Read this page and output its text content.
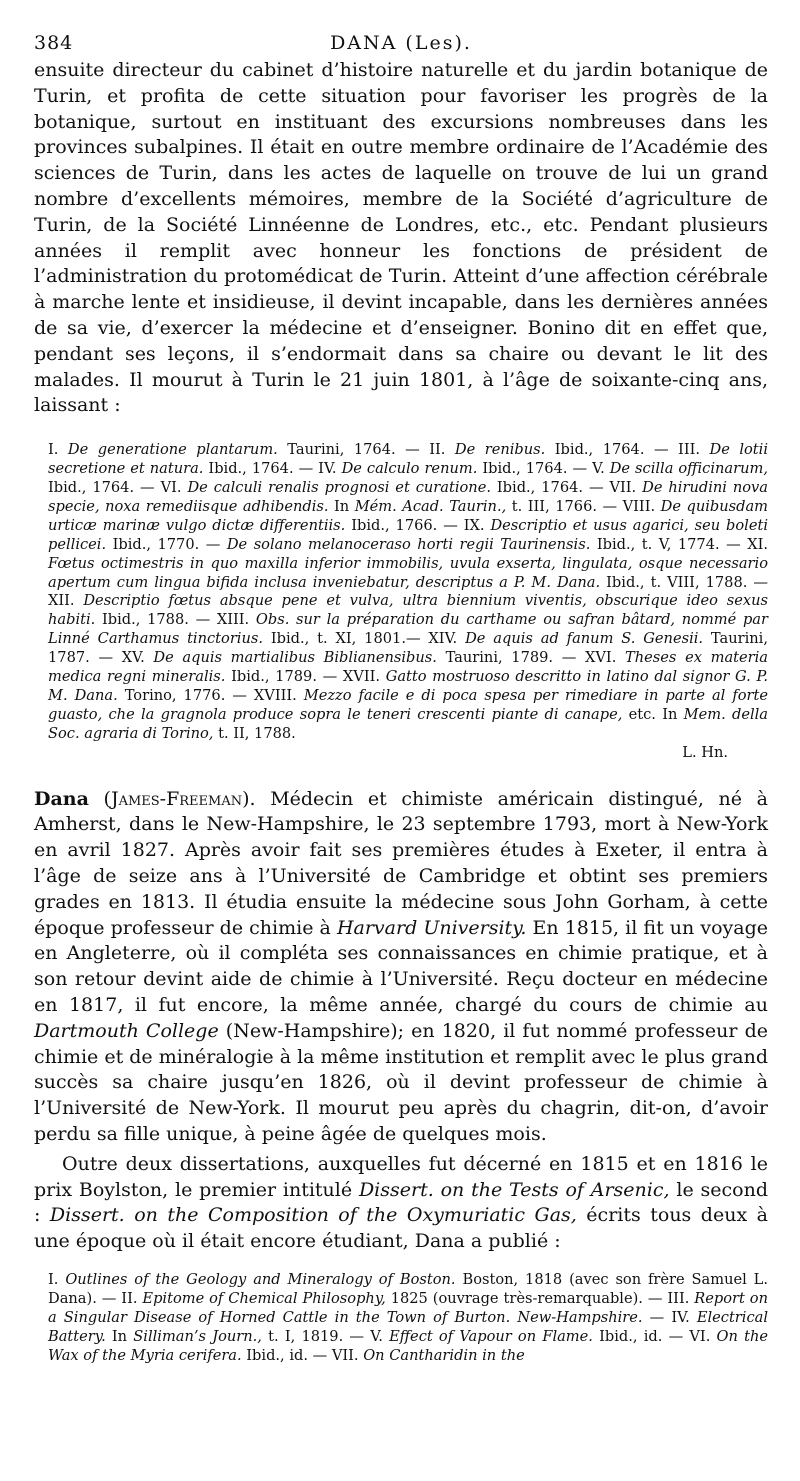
384	DANA (Les).

ensuite directeur du cabinet d’histoire naturelle et du jardin botanique de Turin, et profita de cette situation pour favoriser les progrès de la botanique, surtout en instituant des excursions nombreuses dans les provinces subalpines. Il était en outre membre ordinaire de l’Académie des sciences de Turin, dans les actes de laquelle on trouve de lui un grand nombre d’excellents mémoires, membre de la Société d’agriculture de Turin, de la Société Linnéenne de Londres, etc., etc. Pendant plusieurs années il remplit avec honneur les fonctions de président de l’administration du protomédicat de Turin. Atteint d’une affection cérébrale à marche lente et insidieuse, il devint incapable, dans les dernières années de sa vie, d’exercer la médecine et d’enseigner. Bonino dit en effet que, pendant ses leçons, il s’endormait dans sa chaire ou devant le lit des malades. Il mourut à Turin le 21 juin 1801, à l’âge de soixante-cinq ans, laissant :

I. De generatione plantarum. Taurini, 1764. — II. De renibus. Ibid., 1764. — III. De lotii secretione et natura. Ibid., 1764. — IV. De calculo renum. Ibid., 1764. — V. De scilla officinarum, Ibid., 1764. — VI. De calculi renalis prognosi et curatione. Ibid., 1764. — VII. De hirudini nova specie, noxa remediisque adhibendis. In Mém. Acad. Taurin., t. III, 1766. — VIII. De quibusdam urticæ marinæ vulgo dictæ differentiis. Ibid., 1766. — IX. Descriptio et usus agarici, seu boleti pellicei. Ibid., 1770. — De solano melanoceraso horti regii Taurinensis. Ibid., t. V, 1774. — XI. Fœtus octimestris in quo maxilla inferior immobilis, uvula exserta, lingulata, osque necessario apertum cum lingua bifida inclusa inveniebatur, descriptus a P. M. Dana. Ibid., t. VIII, 1788. — XII. Descriptio fœtus absque pene et vulva, ultra biennium viventis, obscurique ideo sexus habiti. Ibid., 1788. — XIII. Obs. sur la préparation du carthame ou safran bâtard, nommé par Linné Carthamus tinctorius. Ibid., t. XI, 1801.— XIV. De aquis ad fanum S. Genesii. Taurini, 1787. — XV. De aquis martialibus Biblianensibus. Taurini, 1789. — XVI. Theses ex materia medica regni mineralis. Ibid., 1789. — XVII. Gatto mostruoso descritto in latino dal signor G. P. M. Dana. Torino, 1776. — XVIII. Mezzo facile e di poca spesa per rimediare in parte al forte guasto, che la gragnola produce sopra le teneri crescenti piante di canape, etc. In Mem. della Soc. agraria di Torino, t. II, 1788.
L. Hn.
Dana (James-Freeman). Médecin et chimiste américain distingué, né à Amherst, dans le New-Hampshire, le 23 septembre 1793, mort à New-York en avril 1827. Après avoir fait ses premières études à Exeter, il entra à l’âge de seize ans à l’Université de Cambridge et obtint ses premiers grades en 1813. Il étudia ensuite la médecine sous John Gorham, à cette époque professeur de chimie à Harvard University. En 1815, il fit un voyage en Angleterre, où il compléta ses connaissances en chimie pratique, et à son retour devint aide de chimie à l’Université. Reçu docteur en médecine en 1817, il fut encore, la même année, chargé du cours de chimie au Dartmouth College (New-Hampshire); en 1820, il fut nommé professeur de chimie et de minéralogie à la même institution et remplit avec le plus grand succès sa chaire jusqu’en 1826, où il devint professeur de chimie à l’Université de New-York. Il mourut peu après du chagrin, dit-on, d’avoir perdu sa fille unique, à peine âgée de quelques mois.
Outre deux dissertations, auxquelles fut décerné en 1815 et en 1816 le prix Boylston, le premier intitulé Dissert. on the Tests of Arsenic, le second : Dissert. on the Composition of the Oxymuriatic Gas, écrits tous deux à une époque où il était encore étudiant, Dana a publié :
I. Outlines of the Geology and Mineralogy of Boston. Boston, 1818 (avec son frère Samuel L. Dana). — II. Epitome of Chemical Philosophy, 1825 (ouvrage très-remarquable). — III. Report on a Singular Disease of Horned Cattle in the Town of Burton. New-Hampshire. — IV. Electrical Battery. In Silliman’s Journ., t. I, 1819. — V. Effect of Vapour on Flame. Ibid., id. — VI. On the Wax of the Myria cerifera. Ibid., id. — VII. On Cantharidin in the
